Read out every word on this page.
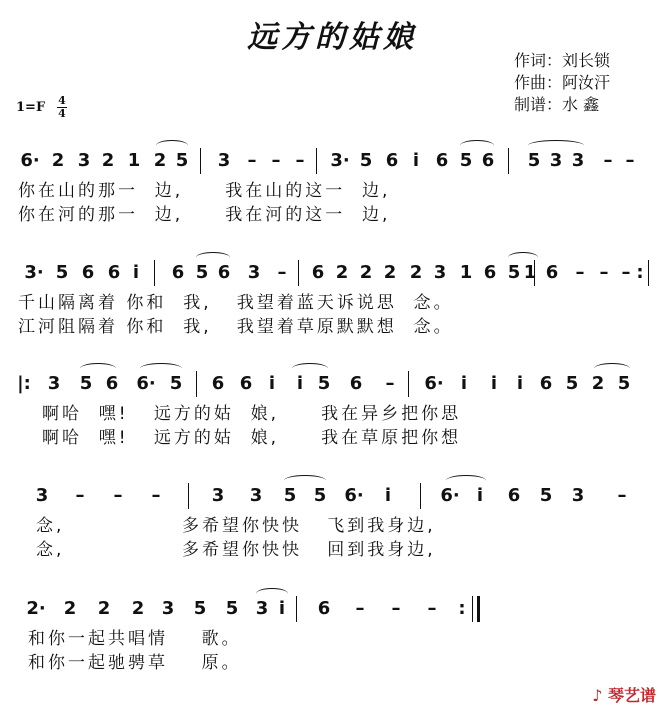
远方的姑娘
作词：刘长锁
作曲：阿汝汗
制谱：水 鑫
1=F 4
4
6· 2 3 2 1 2 5 3 – – – 3· 5 6 i 6 5 6 5 3 3 – –
你在山的那一  边,     我在山的这一  边,
你在河的那一  边,     我在河的这一  边,
3· 5 6 6 i 6 5 6 3 – 6 2 2 2 2 3 1 6 5 1 6 – – – :
千山隔离着 你和  我,   我望着蓝天诉说思  念。
江河阻隔着 你和  我,   我望着草原默默想  念。
|: 3 5 6 6· 5 6 6 i i 5 6 – 6· i i i 6 5 2 5
啊哈  嘿!   远方的姑  娘,     我在异乡把你思
啊哈  嘿!   远方的姑  娘,     我在草原把你想
3 – – –	3 3 5 5 6· i	6· i 6 5 3 –
念,              多希望你快快   飞到我身边,
念,              多希望你快快   回到我身边,
2· 2 2 2 3 5 5 3 i 6 – – – :
和你一起共唱情    歌。
和你一起驰骋草    原。
♪ 琴艺谱
